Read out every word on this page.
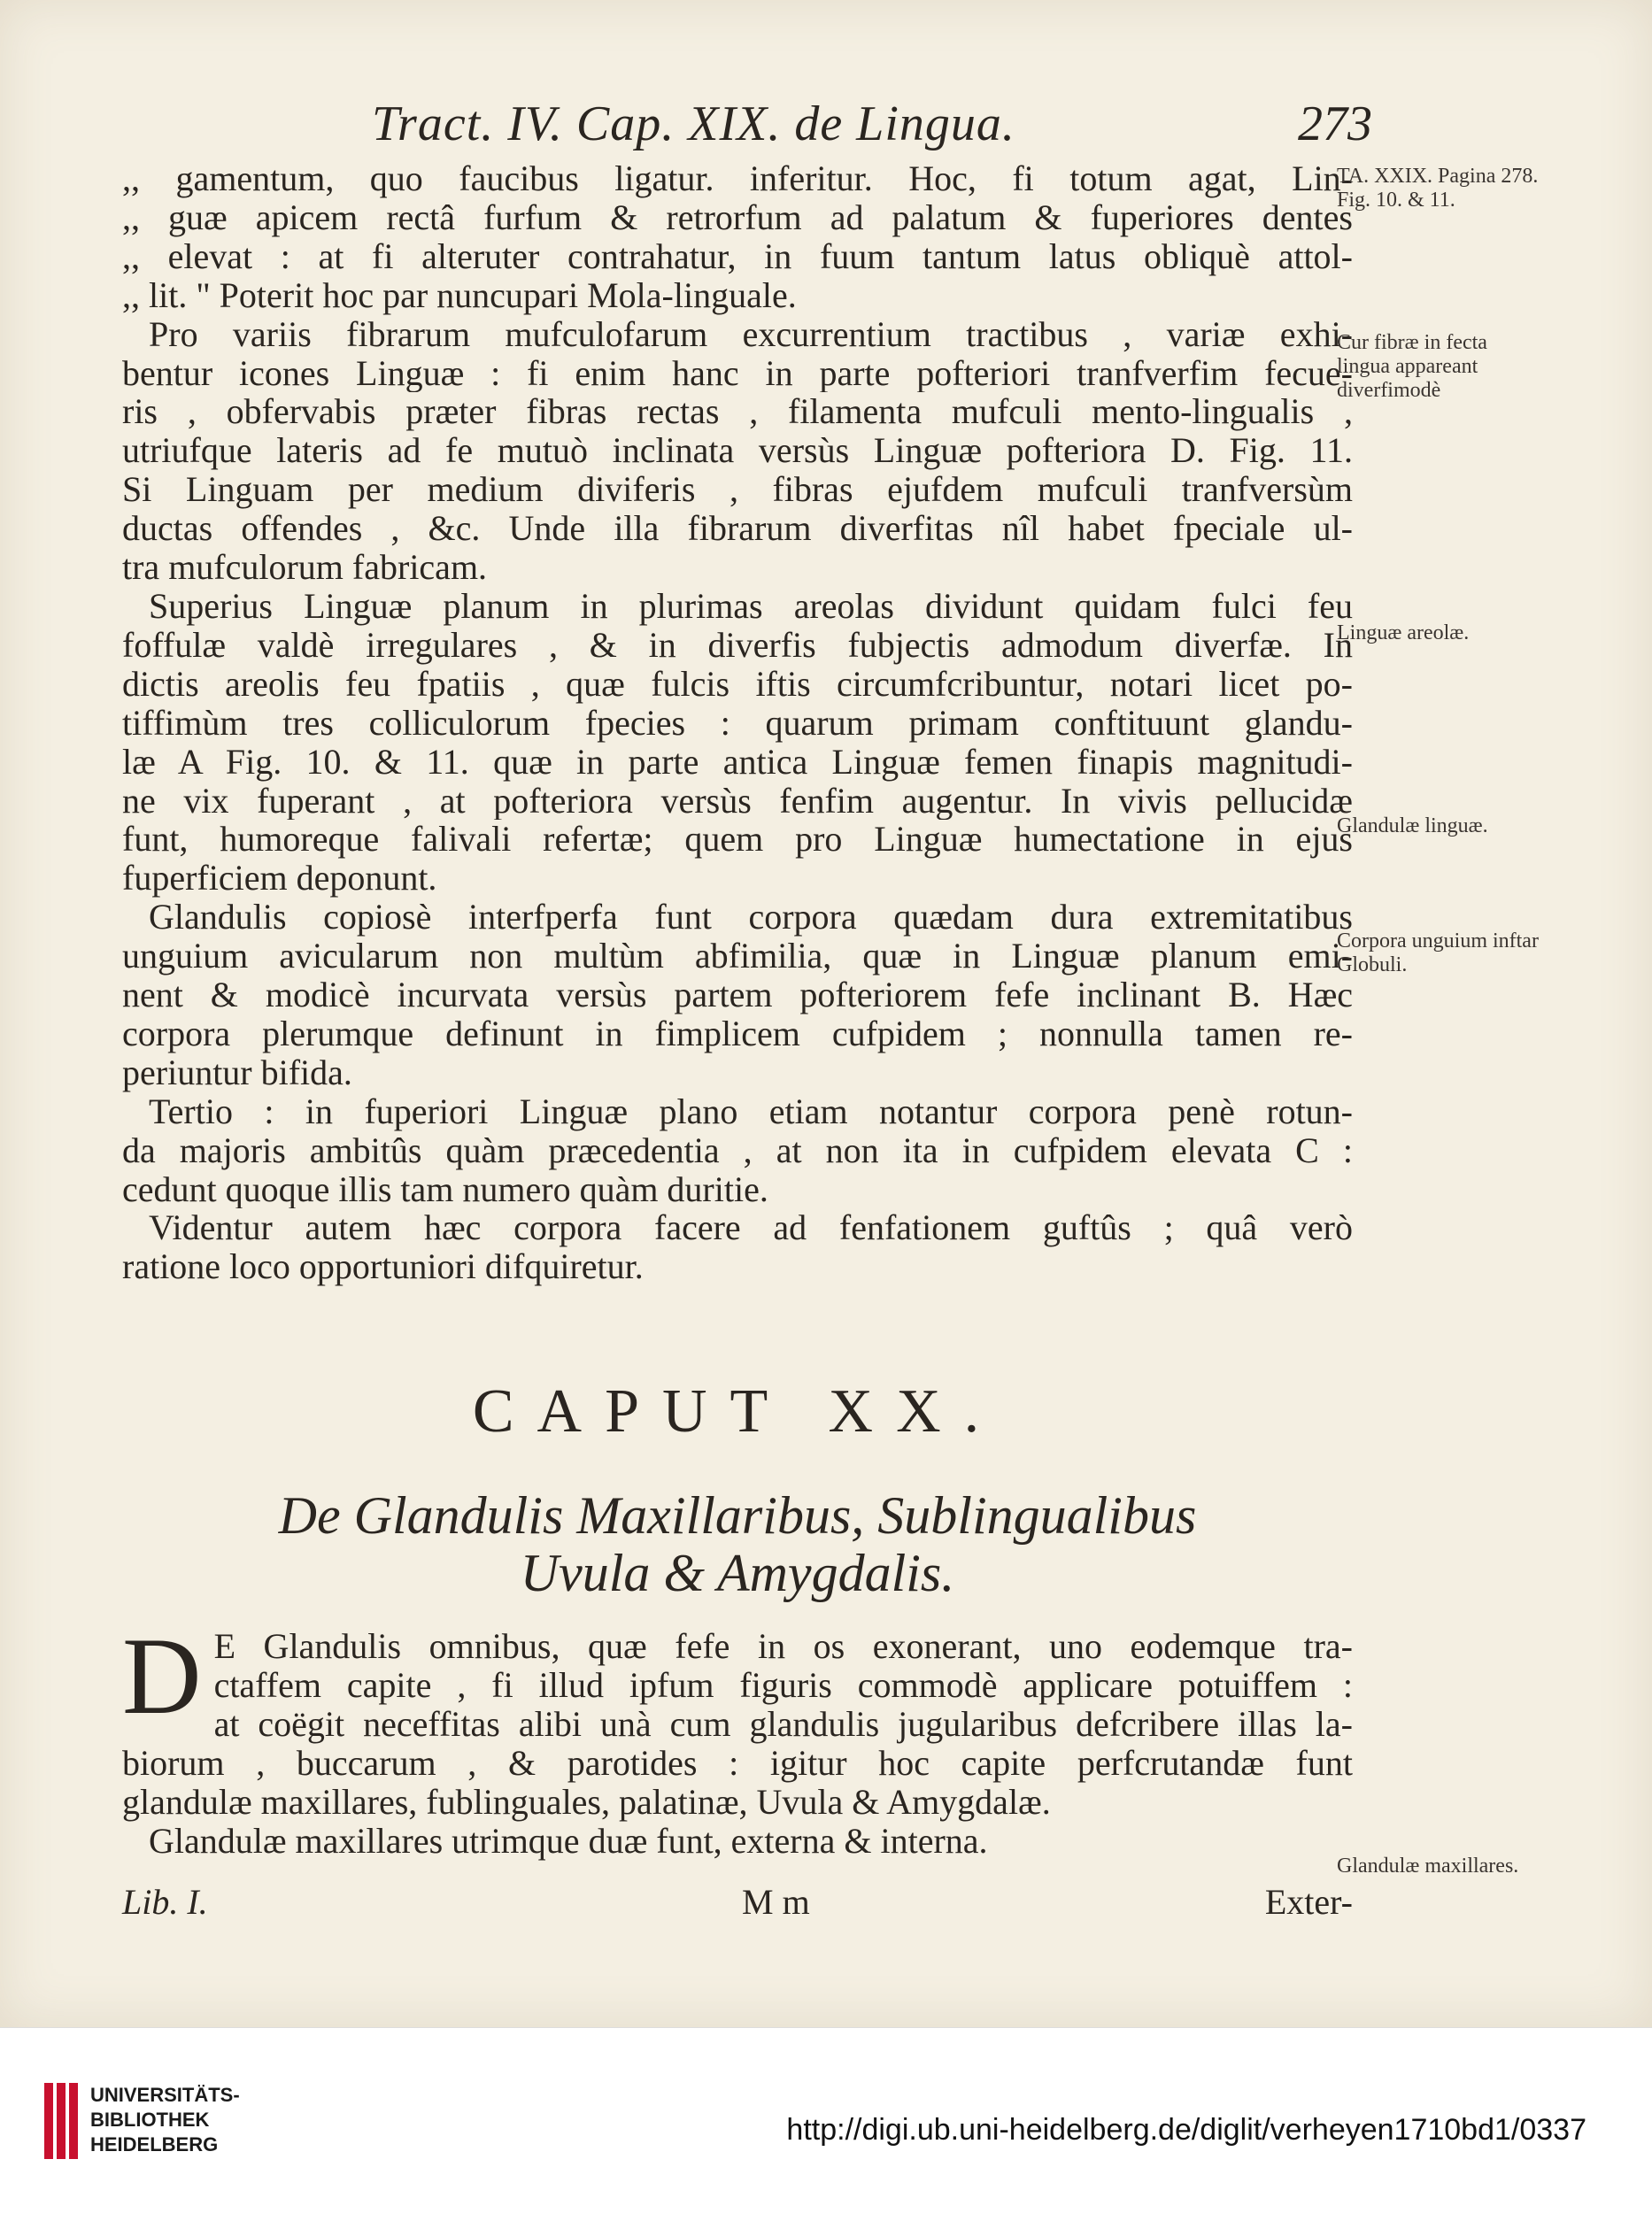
Tract. IV. Cap. XIX. de Lingua.	273
,, gamentum, quo faucibus ligatur. inferitur. Hoc, fi totum agat, Lin-
,, guæ apicem rectâ furfum & retrorfum ad palatum & fuperiores dentes
,, elevat : at fi alteruter contrahatur, in fuum tantum latus obliquè attol-
,, lit. " Poterit hoc par nuncupari Mola-linguale.
Pro variis fibrarum mufculofarum excurrentium tractibus , variæ exhi-
bentur icones Linguæ : fi enim hanc in parte pofteriori tranfverfim fecue-
ris , obfervabis præter fibras rectas , filamenta mufculi mento-lingualis ,
utriufque lateris ad fe mutuò inclinata versùs Linguæ pofteriora D. Fig. 11.
Si Linguam per medium diviferis , fibras ejufdem mufculi tranfversùm
ductas offendes , &c. Unde illa fibrarum diverfitas nîl habet fpeciale ul-
tra mufculorum fabricam.
Superius Linguæ planum in plurimas areolas dividunt quidam fulci feu
foffulæ valdè irregulares , & in diverfis fubjectis admodum diverfæ. In
dictis areolis feu fpatiis , quæ fulcis iftis circumfcribuntur, notari licet po-
tiffimùm tres colliculorum fpecies : quarum primam conftituunt glandu-
læ A Fig. 10. & 11. quæ in parte antica Linguæ femen finapis magnitudi-
ne vix fuperant , at pofteriora versùs fenfim augentur. In vivis pellucidæ
funt, humoreque falivali refertæ; quem pro Linguæ humectatione in ejus
fuperficiem deponunt.
Glandulis copiosè interfperfa funt corpora quædam dura extremitatibus
unguium avicularum non multùm abfimilia, quæ in Linguæ planum emi-
nent & modicè incurvata versùs partem pofteriorem fefe inclinant B. Hæc
corpora plerumque definunt in fimplicem cufpidem ; nonnulla tamen re-
periuntur bifida.
Tertio : in fuperiori Linguæ plano etiam notantur corpora penè rotun-
da majoris ambitûs quàm præcedentia , at non ita in cufpidem elevata C :
cedunt quoque illis tam numero quàm duritie.
Videntur autem hæc corpora facere ad fenfationem guftûs ; quâ verò
ratione loco opportuniori difquiretur.
CAPUT XX.
De Glandulis Maxillaribus, Sublingualibus
Uvula & Amygdalis.
D E Glandulis omnibus, quæ fefe in os exonerant, uno eodemque tra-
ctaffem capite , fi illud ipfum figuris commodè applicare potuiffem :
at coëgit neceffitas alibi unà cum glandulis jugularibus defcribere illas la-
biorum , buccarum , & parotides : igitur hoc capite perfcrutandæ funt
glandulæ maxillares, fublinguales, palatinæ, Uvula & Amygdalæ.
Glandulæ maxillares utrimque duæ funt, externa & interna.
TA. XXIX. Pagina 278. Fig. 10. & 11.
Cur fibræ in fecta lingua appareant diverfimodè
Linguæ areolæ.
Glandulæ linguæ.
Corpora unguium inftar Globuli.
Glandulæ maxillares.
Lib. I.	M m	Exter-
UNIVERSITÄTS-
BIBLIOTHEK
HEIDELBERG	http://digi.ub.uni-heidelberg.de/diglit/verheyen1710bd1/0337
